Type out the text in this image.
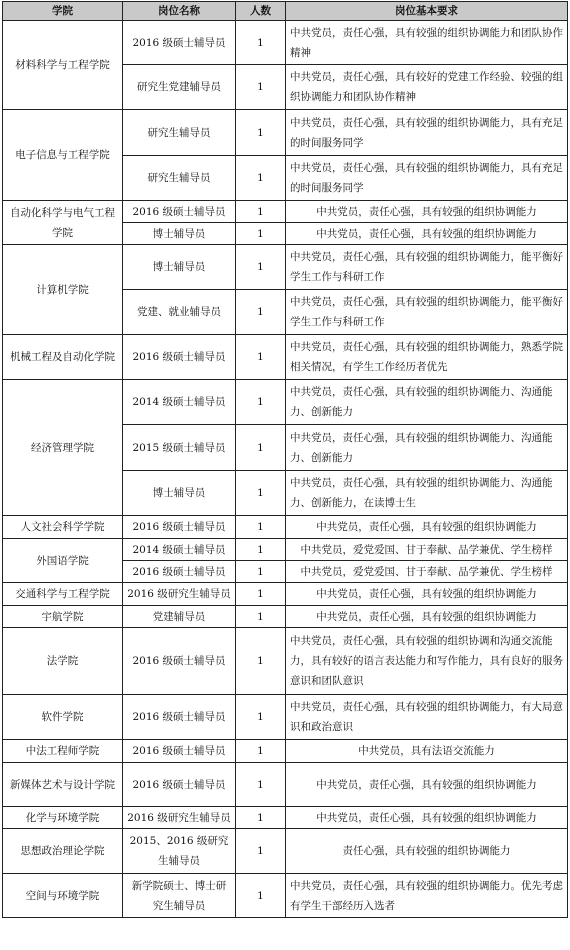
学院	岗位名称	人数	岗位基本要求
材料科学与工程学院	2016 级硕士辅导员	1	中共党员，责任心强，具有较强的组织协调能力和团队协作精神
	研究生党建辅导员	1	中共党员，责任心强，具有较好的党建工作经验、较强的组织协调能力和团队协作精神
电子信息与工程学院	研究生辅导员	1	中共党员，责任心强，具有较强的组织协调能力，具有充足的时间服务同学
	研究生辅导员	1	中共党员，责任心强，具有较强的组织协调能力，具有充足的时间服务同学
自动化科学与电气工程学院	2016 级硕士辅导员	1	中共党员，责任心强，具有较强的组织协调能力
	博士辅导员	1	中共党员，责任心强，具有较强的组织协调能力
计算机学院	博士辅导员	1	中共党员，责任心强，具有较强的组织协调能力，能平衡好学生工作与科研工作
	党建、就业辅导员	1	中共党员，责任心强，具有较强的组织协调能力，能平衡好学生工作与科研工作
机械工程及自动化学院	2016 级硕士辅导员	1	中共党员，责任心强，具有较强的组织协调能力，熟悉学院相关情况，有学生工作经历者优先
经济管理学院	2014 级硕士辅导员	1	中共党员，责任心强，具有较强的组织协调能力、沟通能力、创新能力
	2015 级硕士辅导员	1	中共党员，责任心强，具有较强的组织协调能力、沟通能力、创新能力
	博士辅导员	1	中共党员，责任心强，具有较强的组织协调能力、沟通能力、创新能力，在读博士生
人文社会科学学院	2016 级硕士辅导员	1	中共党员，责任心强，具有较强的组织协调能力
外国语学院	2014 级硕士辅导员	1	中共党员，爱党爱国、甘于奉献、品学兼优、学生榜样
	2016 级硕士辅导员	1	中共党员，爱党爱国、甘于奉献、品学兼优、学生榜样
交通科学与工程学院	2016 级研究生辅导员	1	中共党员，责任心强，具有较强的组织协调能力
宇航学院	党建辅导员	1	中共党员，责任心强，具有较强的组织协调能力
法学院	2016 级硕士辅导员	1	中共党员，责任心强，具有较强的组织协调和沟通交流能力，具有较好的语言表达能力和写作能力，具有良好的服务意识和团队意识
软件学院	2016 级硕士辅导员	1	中共党员，责任心强，具有较强的组织协调能力，有大局意识和政治意识
中法工程师学院	2016 级硕士辅导员	1	中共党员，具有法语交流能力
新媒体艺术与设计学院	2016 级硕士辅导员	1	中共党员，责任心强，具有较强的组织协调能力
化学与环境学院	2016 级研究生辅导员	1	中共党员，责任心强，具有较强的组织协调能力
思想政治理论学院	2015、2016 级研究生辅导员	1	责任心强，具有较强的组织协调能力
空间与环境学院	新学院硕士、博士研究生辅导员	1	中共党员，责任心强，具有较强的组织协调能力。优先考虑有学生干部经历入选者
